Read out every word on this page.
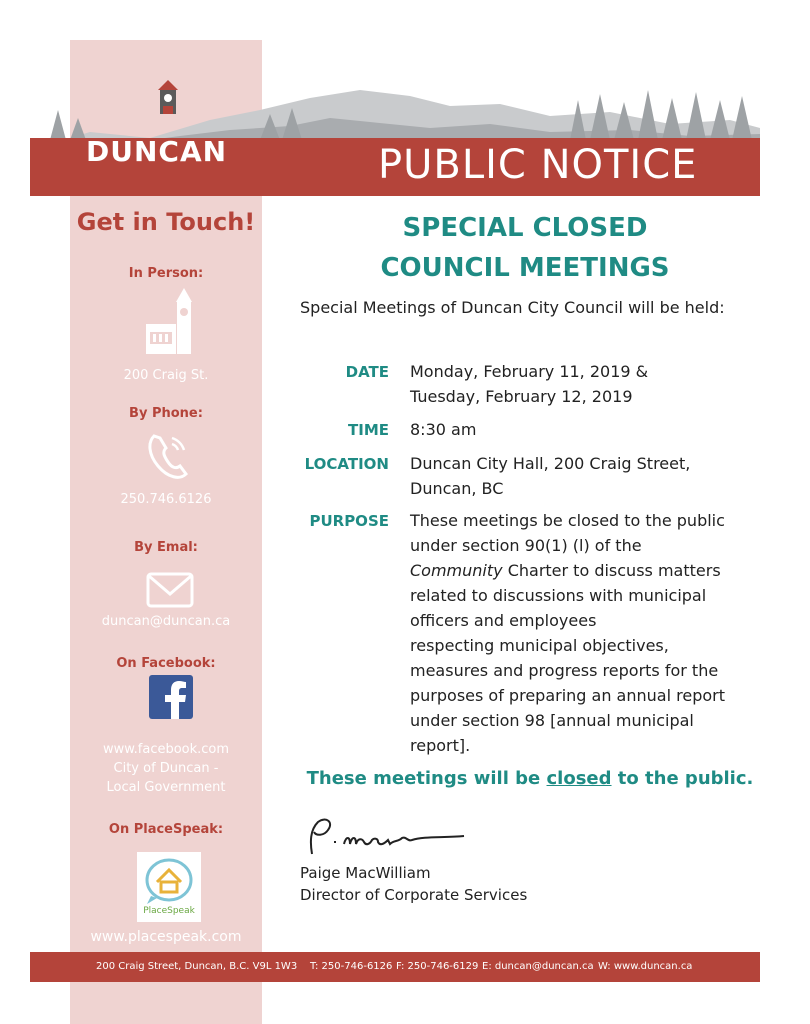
DUNCAN	PUBLIC NOTICE
Get in Touch!
In Person:
200 Craig St.
By Phone:
250.746.6126
By Emal:
duncan@duncan.ca
On Facebook:
www.facebook.com
City of Duncan -
Local Government
On PlaceSpeak:
PlaceSpeak
www.placespeak.com
SPECIAL CLOSED
COUNCIL MEETINGS
Special Meetings of Duncan City Council will be held:
DATE Monday, February 11, 2019 &
Tuesday, February 12, 2019
TIME 8:30 am
LOCATION Duncan City Hall, 200 Craig Street,
Duncan, BC
PURPOSE These meetings be closed to the public
under section 90(1) (l) of the
Community Charter to discuss matters
related to discussions with municipal
officers and employees
respecting municipal objectives,
measures and progress reports for the
purposes of preparing an annual report
under section 98 [annual municipal
report].
These meetings will be closed to the public.
Paige MacWilliam
Director of Corporate Services
200 Craig Street, Duncan, B.C. V9L 1W3 T: 250-746-6126 F: 250-746-6129 E: duncan@duncan.ca W: www.duncan.ca
